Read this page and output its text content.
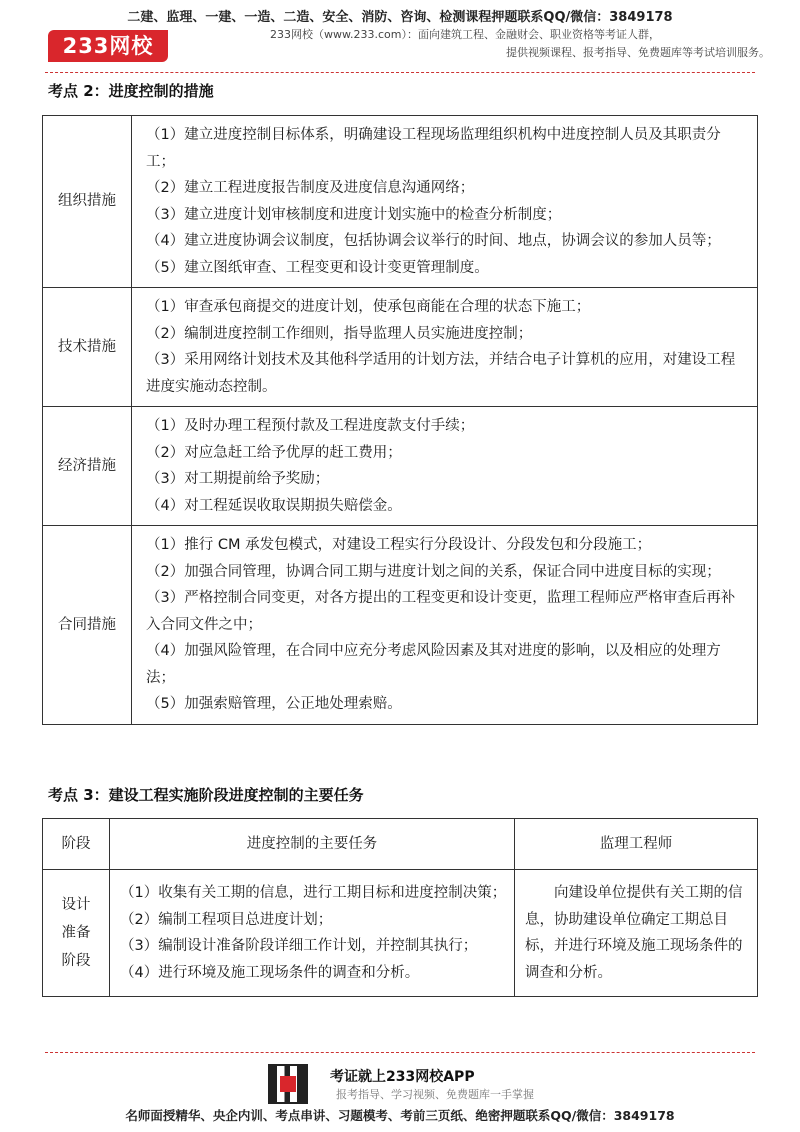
233网校
二建、监理、一建、一造、二造、安全、消防、咨询、检测课程押题联系QQ/微信：3849178
233网校（www.233.com）：面向建筑工程、金融财会、职业资格等考证人群，
提供视频课程、报考指导、免费题库等考试培训服务。
考点 2：进度控制的措施
组织措施	（1）建立进度控制目标体系，明确建设工程现场监理组织机构中进度控制人员及其职责分工；
（2）建立工程进度报告制度及进度信息沟通网络；
（3）建立进度计划审核制度和进度计划实施中的检查分析制度；
（4）建立进度协调会议制度，包括协调会议举行的时间、地点，协调会议的参加人员等；
（5）建立图纸审查、工程变更和设计变更管理制度。

技术措施	（1）审查承包商提交的进度计划，使承包商能在合理的状态下施工；
（2）编制进度控制工作细则，指导监理人员实施进度控制；
（3）采用网络计划技术及其他科学适用的计划方法，并结合电子计算机的应用，对建设工程进度实施动态控制。

经济措施	（1）及时办理工程预付款及工程进度款支付手续；
（2）对应急赶工给予优厚的赶工费用；
（3）对工期提前给予奖励；
（4）对工程延误收取误期损失赔偿金。

合同措施	（1）推行 CM 承发包模式，对建设工程实行分段设计、分段发包和分段施工；
（2）加强合同管理，协调合同工期与进度计划之间的关系，保证合同中进度目标的实现；
（3）严格控制合同变更，对各方提出的工程变更和设计变更，监理工程师应严格审查后再补入合同文件之中；
（4）加强风险管理，在合同中应充分考虑风险因素及其对进度的影响，以及相应的处理方法；
（5）加强索赔管理，公正地处理索赔。
考点 3：建设工程实施阶段进度控制的主要任务
阶段	进度控制的主要任务	监理工程师

设计
准备
阶段	（1）收集有关工期的信息，进行工期目标和进度控制决策；
（2）编制工程项目总进度计划；
（3）编制设计准备阶段详细工作计划，并控制其执行；
（4）进行环境及施工现场条件的调查和分析。	向建设单位提供有关工期的信息，协助建设单位确定工期总目标，并进行环境及施工现场条件的调查和分析。
考证就上233网校APP
报考指导、学习视频、免费题库一手掌握
名师面授精华、央企内训、考点串讲、习题模考、考前三页纸、绝密押题联系QQ/微信：3849178
